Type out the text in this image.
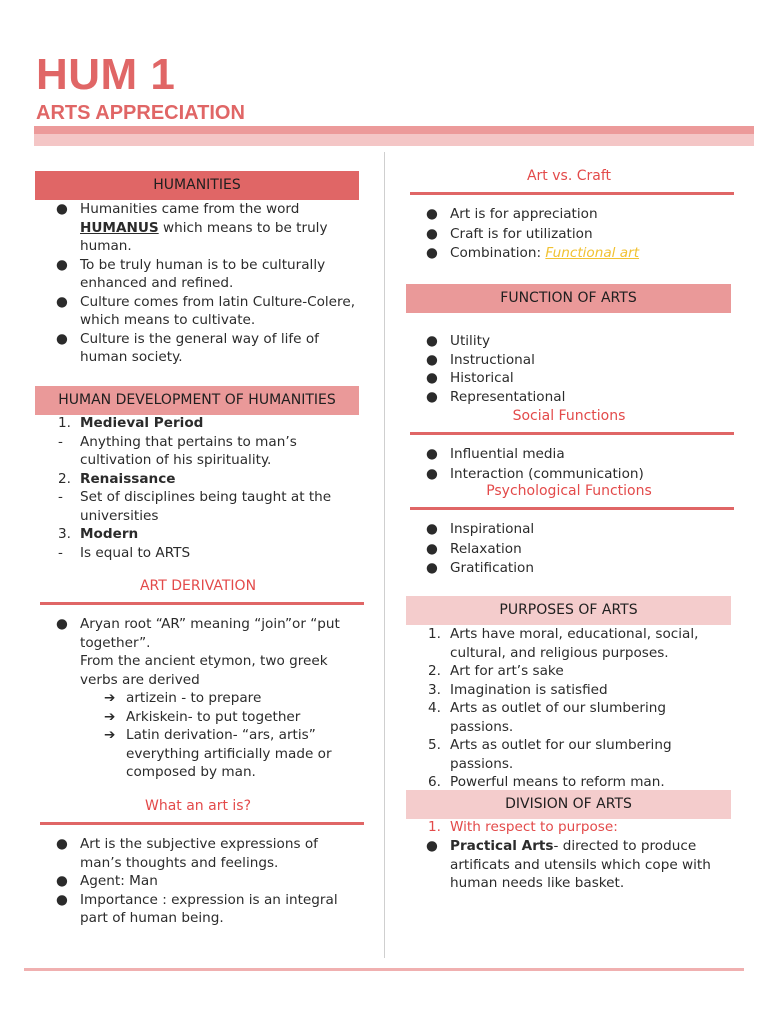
HUM 1
ARTS APPRECIATION
HUMANITIES
● Humanities came from the word HUMANUS which means to be truly human.
● To be truly human is to be culturally enhanced and refined.
● Culture comes from latin Culture-Colere, which means to cultivate.
● Culture is the general way of life of human society.
HUMAN DEVELOPMENT OF HUMANITIES
1. Medieval Period
- Anything that pertains to man’s cultivation of his spirituality.
2. Renaissance
- Set of disciplines being taught at the universities
3. Modern
- Is equal to ARTS
ART DERIVATION
● Aryan root “AR” meaning “join”or “put together”.
From the ancient etymon, two greek verbs are derived
➔ artizein - to prepare
➔ Arkiskein- to put together
➔ Latin derivation- “ars, artis” everything artificially made or composed by man.
What an art is?
● Art is the subjective expressions of man’s thoughts and feelings.
● Agent: Man
● Importance : expression is an integral part of human being.
Art vs. Craft
● Art is for appreciation
● Craft is for utilization
● Combination: Functional art
FUNCTION OF ARTS
● Utility
● Instructional
● Historical
● Representational
Social Functions
● Influential media
● Interaction (communication)
Psychological Functions
● Inspirational
● Relaxation
● Gratification
PURPOSES OF ARTS
1. Arts have moral, educational, social, cultural, and religious purposes.
2. Art for art’s sake
3. Imagination is satisfied
4. Arts as outlet of our slumbering passions.
5. Arts as outlet for our slumbering passions.
6. Powerful means to reform man.
DIVISION OF ARTS
1. With respect to purpose:
● Practical Arts- directed to produce artificats and utensils which cope with human needs like basket.
